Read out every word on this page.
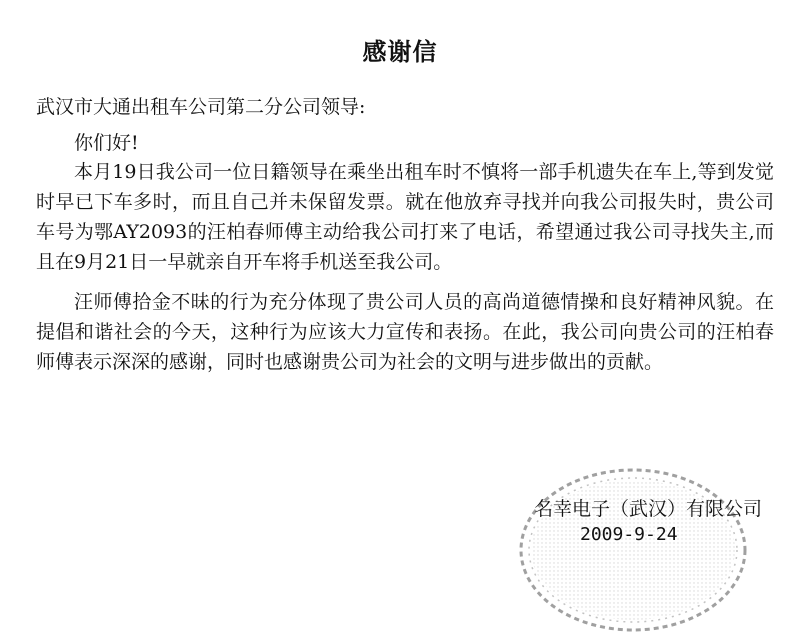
感谢信
武汉市大通出租车公司第二分公司领导:
你们好!

本月19日我公司一位日籍领导在乘坐出租车时不慎将一部手机遗失在车上,等到发觉时早已下车多时，而且自己并未保留发票。就在他放弃寻找并向我公司报失时，贵公司车号为鄂AY2093的汪柏春师傅主动给我公司打来了电话，希望通过我公司寻找失主,而且在9月21日一早就亲自开车将手机送至我公司。

汪师傅拾金不昧的行为充分体现了贵公司人员的高尚道德情操和良好精神风貌。在提倡和谐社会的今天，这种行为应该大力宣传和表扬。在此，我公司向贵公司的汪柏春师傅表示深深的感谢，同时也感谢贵公司为社会的文明与进步做出的贡献。

名幸电子（武汉）有限公司
2009-9-24
